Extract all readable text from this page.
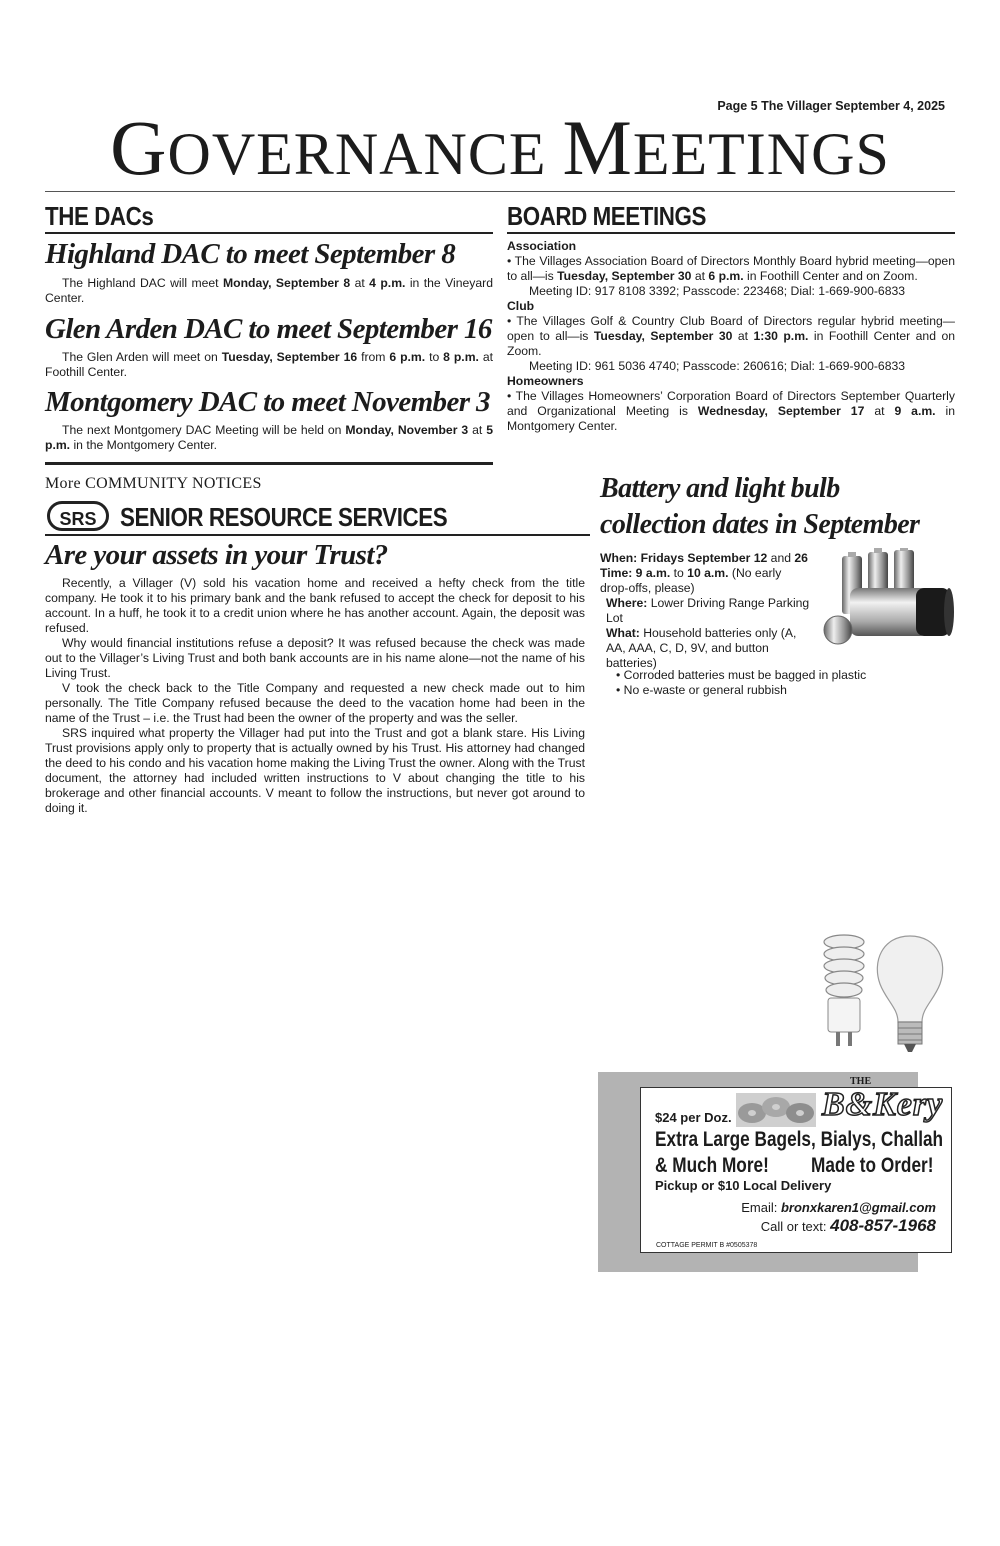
Page 5 The Villager September 4, 2025
GOVERNANCE MEETINGS
THE DACs
Highland DAC to meet September 8

The Highland DAC will meet Monday, September 8 at 4 p.m. in the Vineyard Center.

Glen Arden DAC to meet September 16

The Glen Arden will meet on Tuesday, September 16 from 6 p.m. to 8 p.m. at Foothill Center.

Montgomery DAC to meet November 3

The next Montgomery DAC Meeting will be held on Monday, November 3 at 5 p.m. in the Montgomery Center.

BOARD MEETINGS
Association
• The Villages Association Board of Directors Monthly Board hybrid meeting—open to all—is Tuesday, September 30 at 6 p.m. in Foothill Center and on Zoom.
Meeting ID: 917 8108 3392; Passcode: 223468; Dial: 1-669-900-6833
Club
• The Villages Golf & Country Club Board of Directors regular hybrid meeting—open to all—is Tuesday, September 30 at 1:30 p.m. in Foothill Center and on Zoom.
Meeting ID: 961 5036 4740; Passcode: 260616; Dial: 1-669-900-6833
Homeowners
• The Villages Homeowners’ Corporation Board of Directors September Quarterly and Organizational Meeting is Wednesday, September 17 at 9 a.m. in Montgomery Center.
More COMMUNITY NOTICES
SRS SENIOR RESOURCE SERVICES
Are your assets in your Trust?

Recently, a Villager (V) sold his vacation home and received a hefty check from the title company. He took it to his primary bank and the bank refused to accept the check for deposit to his account. In a huff, he took it to a credit union where he has another account. Again, the deposit was refused.

Why would financial institutions refuse a deposit? It was refused because the check was made out to the Villager’s Living Trust and both bank accounts are in his name alone—not the name of his Living Trust.

V took the check back to the Title Company and requested a new check made out to him personally. The Title Company refused because the deed to the vacation home had been in the name of the Trust – i.e. the Trust had been the owner of the property and was the seller.

SRS inquired what property the Villager had put into the Trust and got a blank stare. His Living Trust provisions apply only to property that is actually owned by his Trust. His attorney had changed the deed to his condo and his vacation home making the Living Trust the owner. Along with the Trust document, the attorney had included written instructions to V about changing the title to his brokerage and other financial accounts. V meant to follow the instructions, but never got around to doing it.

Battery and light bulb
collection dates in September
When: Fridays September 12 and 26
Time: 9 a.m. to 10 a.m. (No early drop-offs, please)
Where: Lower Driving Range Parking Lot
What: Household batteries only (A, AA, AAA, C, D, 9V, and button batteries)
• Corroded batteries must be bagged in plastic
• No e-waste or general rubbish
$24 per Doz.
THE
B&Kery
Extra Large Bagels, Bialys, Challah
& Much More! Made to Order!
Pickup or $10 Local Delivery
Email: bronxkaren1@gmail.com
Call or text: 408-857-1968
COTTAGE PERMIT B #0505378
